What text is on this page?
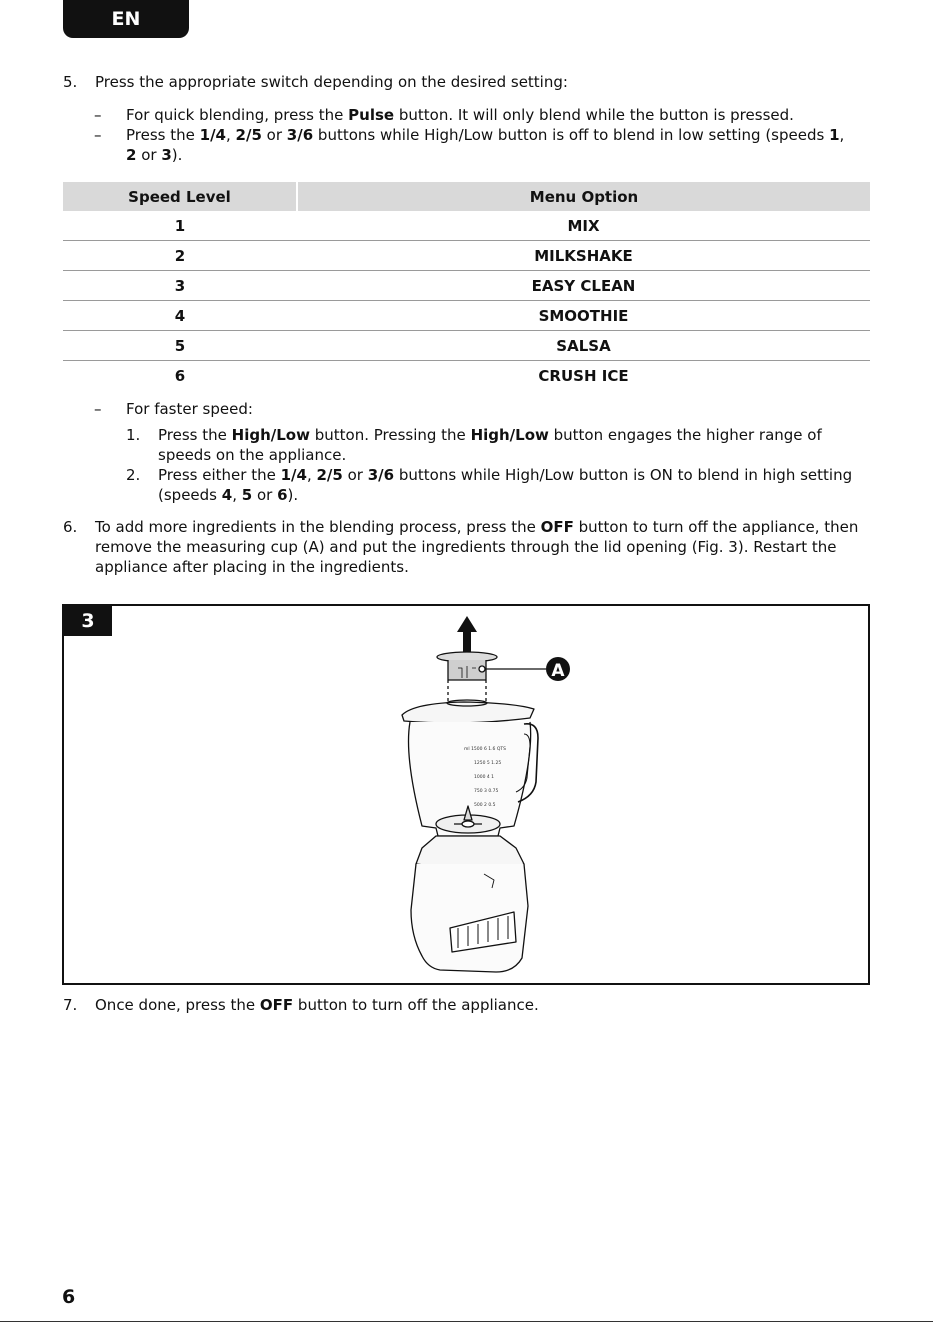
EN
5. Press the appropriate switch depending on the desired setting:
– For quick blending, press the Pulse button. It will only blend while the button is pressed.
– Press the 1/4, 2/5 or 3/6 buttons while High/Low button is off to blend in low setting (speeds 1,
2 or 3).
Speed Level	Menu Option
1	MIX
2	MILKSHAKE
3	EASY CLEAN
4	SMOOTHIE
5	SALSA
6	CRUSH ICE
– For faster speed:
1. Press the High/Low button. Pressing the High/Low button engages the higher range of
speeds on the appliance.
2. Press either the 1/4, 2/5 or 3/6 buttons while High/Low button is ON to blend in high setting
(speeds 4, 5 or 6).
6. To add more ingredients in the blending process, press the OFF button to turn off the appliance, then
remove the measuring cup (A) and put the ingredients through the lid opening (Fig. 3). Restart the
appliance after placing in the ingredients.
3
ml 1500 6 1.6 QTS
1250 5 1.25
1000 4 1
750 3 0.75
500 2 0.5
A
7. Once done, press the OFF button to turn off the appliance.
6
